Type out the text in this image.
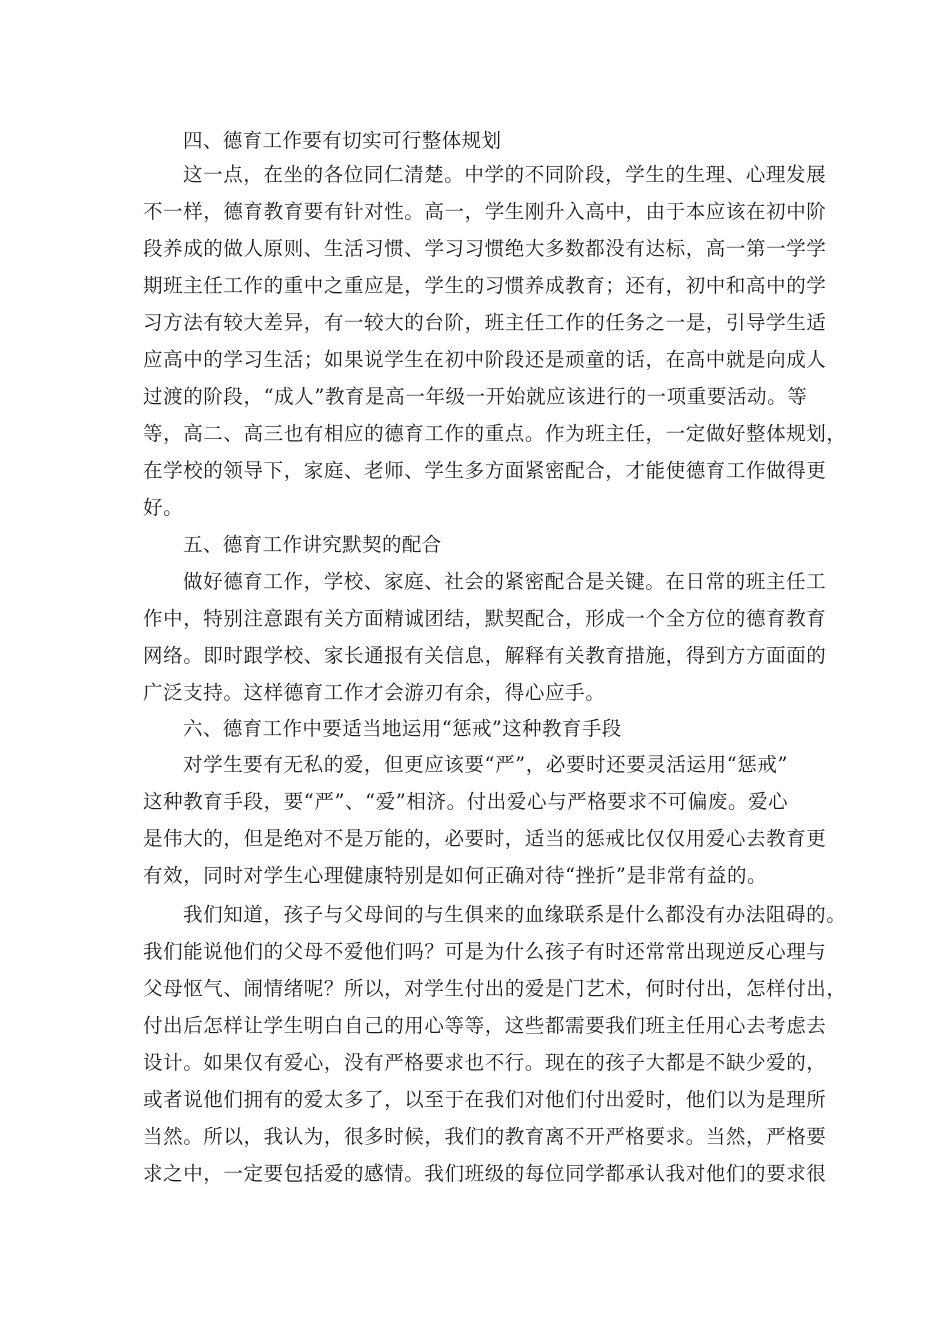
四、德育工作要有切实可行整体规划
这一点，在坐的各位同仁清楚。中学的不同阶段，学生的生理、心理发展
不一样，德育教育要有针对性。高一，学生刚升入高中，由于本应该在初中阶
段养成的做人原则、生活习惯、学习习惯绝大多数都没有达标，高一第一学学
期班主任工作的重中之重应是，学生的习惯养成教育；还有，初中和高中的学
习方法有较大差异，有一较大的台阶，班主任工作的任务之一是，引导学生适
应高中的学习生活；如果说学生在初中阶段还是顽童的话，在高中就是向成人
过渡的阶段，“成人”教育是高一年级一开始就应该进行的一项重要活动。等
等，高二、高三也有相应的德育工作的重点。作为班主任，一定做好整体规划，
在学校的领导下，家庭、老师、学生多方面紧密配合，才能使德育工作做得更
好。
五、德育工作讲究默契的配合
做好德育工作，学校、家庭、社会的紧密配合是关键。在日常的班主任工
作中，特别注意跟有关方面精诚团结，默契配合，形成一个全方位的德育教育
网络。即时跟学校、家长通报有关信息，解释有关教育措施，得到方方面面的
广泛支持。这样德育工作才会游刃有余，得心应手。
六、德育工作中要适当地运用“惩戒”这种教育手段
对学生要有无私的爱，但更应该要“严”，必要时还要灵活运用“惩戒”
这种教育手段，要“严”、“爱”相济。付出爱心与严格要求不可偏废。爱心
是伟大的，但是绝对不是万能的，必要时，适当的惩戒比仅仅用爱心去教育更
有效，同时对学生心理健康特别是如何正确对待“挫折”是非常有益的。
我们知道，孩子与父母间的与生俱来的血缘联系是什么都没有办法阻碍的。
我们能说他们的父母不爱他们吗？可是为什么孩子有时还常常出现逆反心理与
父母怄气、闹情绪呢？所以，对学生付出的爱是门艺术，何时付出，怎样付出，
付出后怎样让学生明白自己的用心等等，这些都需要我们班主任用心去考虑去
设计。如果仅有爱心，没有严格要求也不行。现在的孩子大都是不缺少爱的，
或者说他们拥有的爱太多了，以至于在我们对他们付出爱时，他们以为是理所
当然。所以，我认为，很多时候，我们的教育离不开严格要求。当然，严格要
求之中，一定要包括爱的感情。我们班级的每位同学都承认我对他们的要求很
